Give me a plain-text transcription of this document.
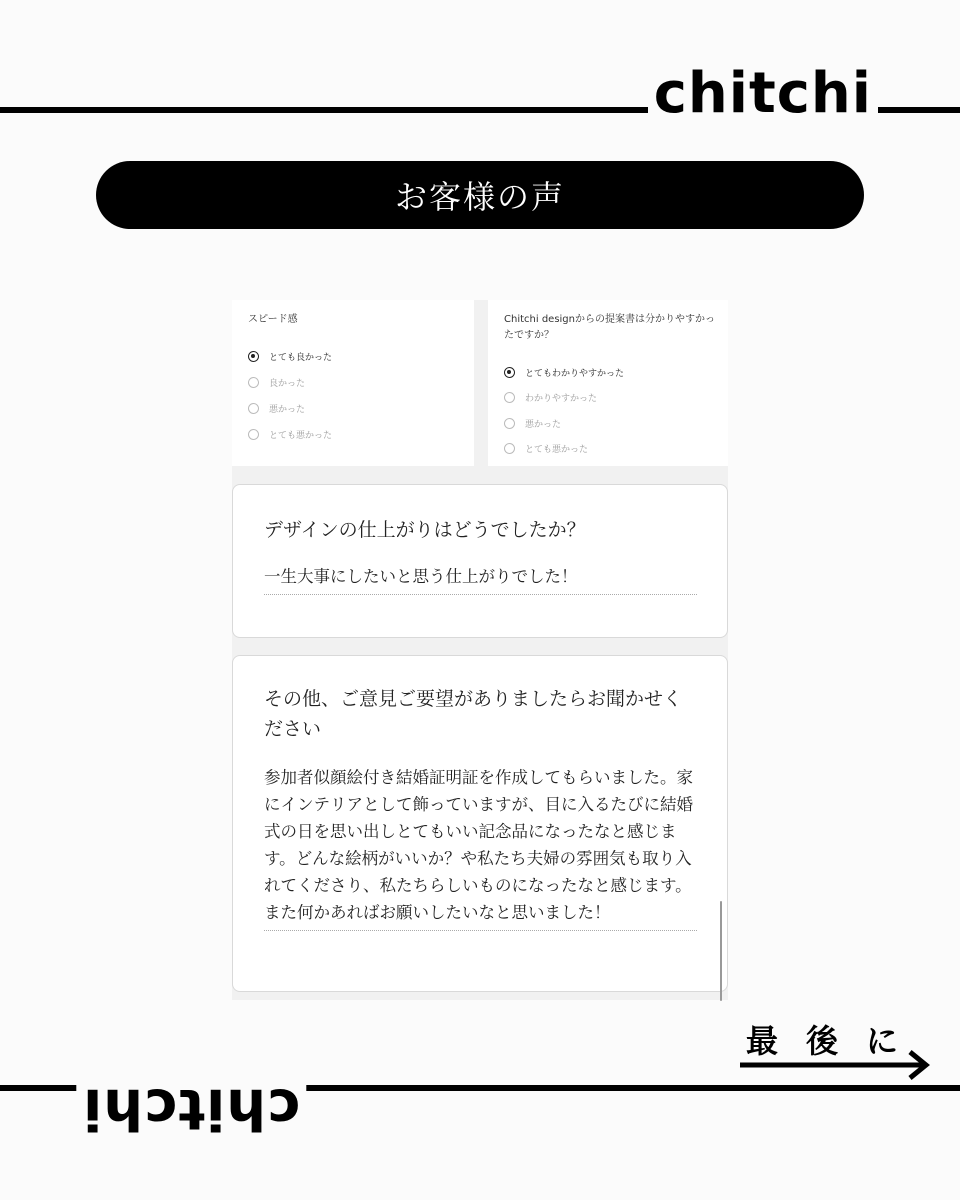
chitchi
お客様の声
スピード感
とても良かった
良かった
悪かった
とても悪かった
Chitchi designからの提案書は分かりやすかったですか？
とてもわかりやすかった
わかりやすかった
悪かった
とても悪かった
デザインの仕上がりはどうでしたか？
一生大事にしたいと思う仕上がりでした！
その他、ご意見ご要望がありましたらお聞かせください
参加者似顔絵付き結婚証明証を作成してもらいました。家にインテリアとして飾っていますが、目に入るたびに結婚式の日を思い出しとてもいい記念品になったなと感じます。どんな絵柄がいいか？や私たち夫婦の雰囲気も取り入れてくださり、私たちらしいものになったなと感じます。また何かあればお願いしたいなと思いました！
最後に
chitchi
